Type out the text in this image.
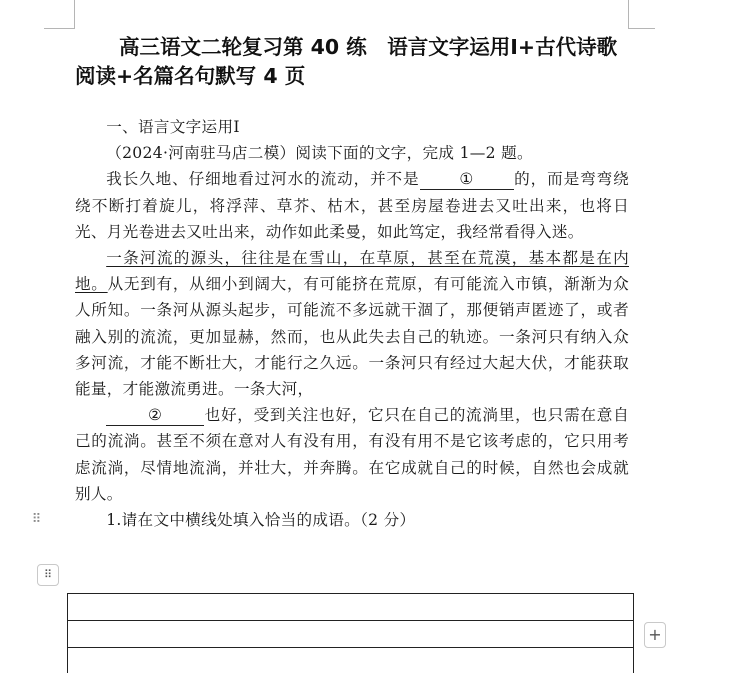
高三语文二轮复习第 40 练　语言文字运用Ⅰ+古代诗歌阅读+名篇名句默写 4 页

一、语言文字运用Ⅰ

（2024·河南驻马店二模）阅读下面的文字，完成 1—2 题。

我长久地、仔细地看过河水的流动，并不是	①	的，而是弯弯绕绕不断打着旋儿，将浮萍、草芥、枯木，甚至房屋卷进去又吐出来，也将日光、月光卷进去又吐出来，动作如此柔曼，如此笃定，我经常看得入迷。

一条河流的源头，往往是在雪山，在草原，甚至在荒漠，基本都是在内地。从无到有，从细小到阔大，有可能挤在荒原，有可能流入市镇，渐渐为众人所知。一条河从源头起步，可能流不多远就干涸了，那便销声匿迹了，或者融入别的流流，更加显赫，然而，也从此失去自己的轨迹。一条河只有纳入众多河流，才能不断壮大，才能行之久远。一条河只有经过大起大伏，才能获取能量，才能激流勇进。一条大河，

②	也好，受到关注也好，它只在自己的流淌里，也只需在意自己的流淌。甚至不须在意对人有没有用，有没有用不是它该考虑的，它只用考虑流淌，尽情地流淌，并壮大，并奔腾。在它成就自己的时候，自然也会成就别人。

1.请在文中横线处填入恰当的成语。（2 分）

⠿
⠿

+
